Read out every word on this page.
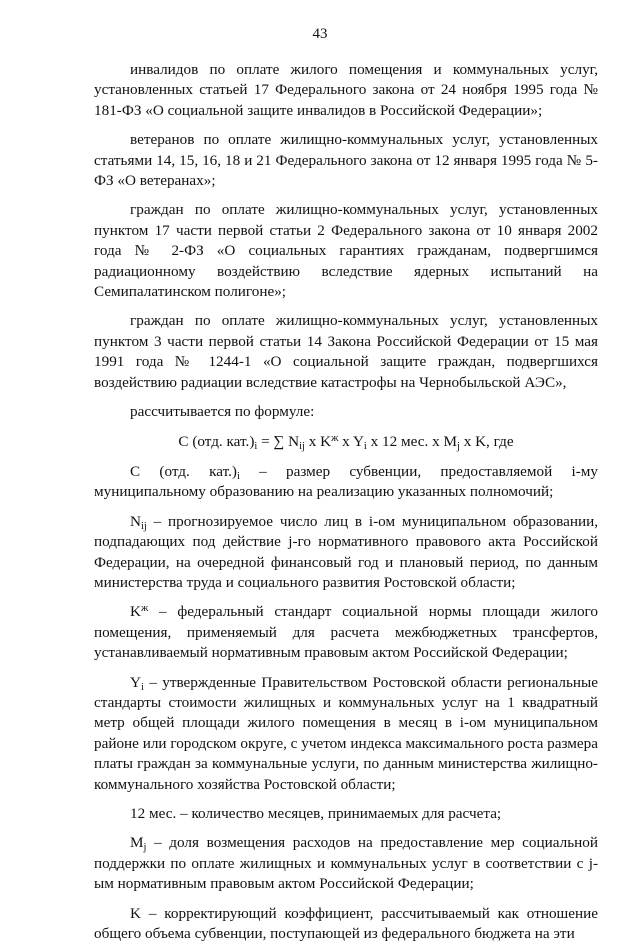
43

инвалидов по оплате жилого помещения и коммунальных услуг, установленных статьей 17 Федерального закона от 24 ноября 1995 года № 181-ФЗ «О социальной защите инвалидов в Российской Федерации»;

ветеранов по оплате жилищно-коммунальных услуг, установленных статьями 14, 15, 16, 18 и 21 Федерального закона от 12 января 1995 года № 5-ФЗ «О ветеранах»;

граждан по оплате жилищно-коммунальных услуг, установленных пунктом 17 части первой статьи 2 Федерального закона от 10 января 2002 года № 2-ФЗ «О социальных гарантиях гражданам, подвергшимся радиационному воздействию вследствие ядерных испытаний на Семипалатинском полигоне»;

граждан по оплате жилищно-коммунальных услуг, установленных пунктом 3 части первой статьи 14 Закона Российской Федерации от 15 мая 1991 года № 1244-1 «О социальной защите граждан, подвергшихся воздействию радиации вследствие катастрофы на Чернобыльской АЭС»,

рассчитывается по формуле:

C (отд. $кат.)_i$ = ∑ $N_{ij}$ x $K^ж$ x $Y_i$ x 12 мес. x $M_j$ x K, где

C (отд. $кат.)_i$ – размер субвенции, предоставляемой i-му муниципальному образованию на реализацию указанных полномочий;

$N_{ij}$ – прогнозируемое число лиц в i-ом муниципальном образовании, подпадающих под действие j-го нормативного правового акта Российской Федерации, на очередной финансовый год и плановый период, по данным министерства труда и социального развития Ростовской области;

$K^ж$ – федеральный стандарт социальной нормы площади жилого помещения, применяемый для расчета межбюджетных трансфертов, устанавливаемый нормативным правовым актом Российской Федерации;

$Y_i$ – утвержденные Правительством Ростовской области региональные стандарты стоимости жилищных и коммунальных услуг на 1 квадратный метр общей площади жилого помещения в месяц в i-ом муниципальном районе или городском округе, с учетом индекса максимального роста размера платы граждан за коммунальные услуги, по данным министерства жилищно-коммунального хозяйства Ростовской области;

12 мес. – количество месяцев, принимаемых для расчета;

$M_j$ – доля возмещения расходов на предоставление мер социальной поддержки по оплате жилищных и коммунальных услуг в соответствии с j-ым нормативным правовым актом Российской Федерации;

K – корректирующий коэффициент, рассчитываемый как отношение общего объема субвенции, поступающей из федерального бюджета на эти
